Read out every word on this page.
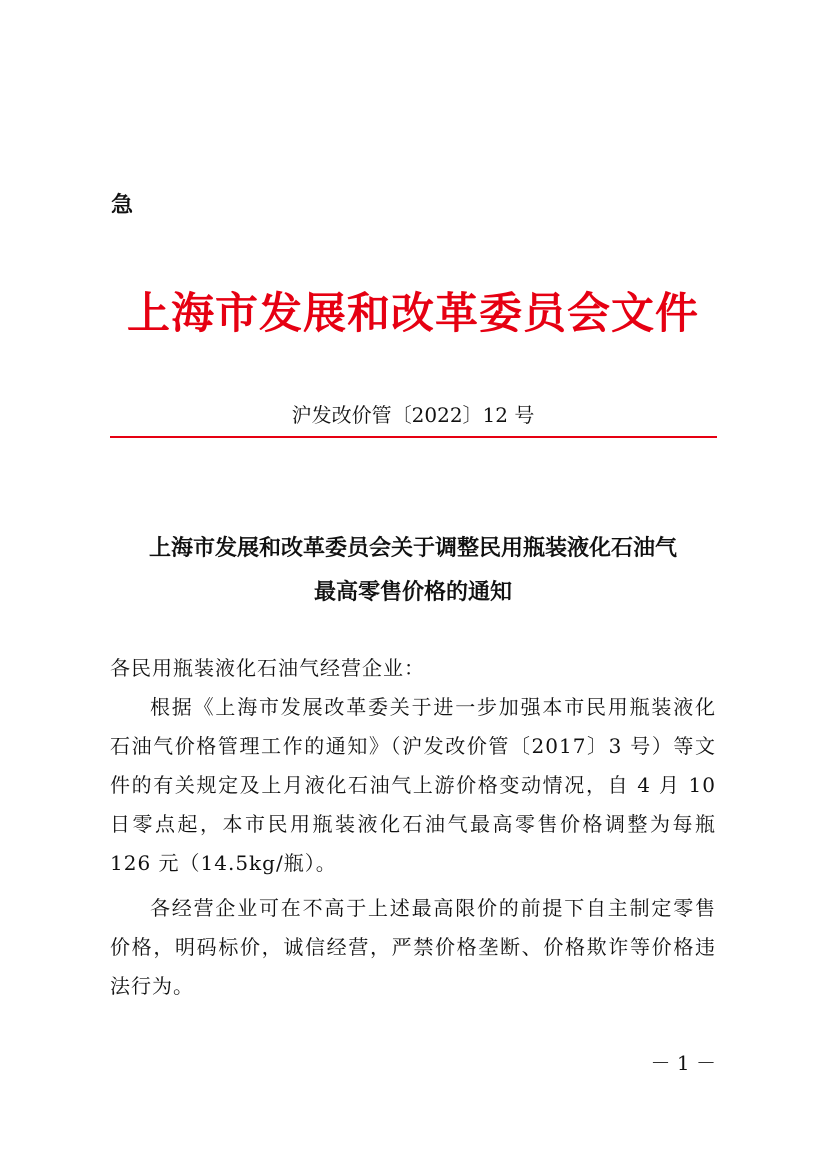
急
上海市发展和改革委员会文件
沪发改价管〔2022〕12 号
上海市发展和改革委员会关于调整民用瓶装液化石油气
最高零售价格的通知

各民用瓶装液化石油气经营企业：

根据《上海市发展改革委关于进一步加强本市民用瓶装液化石油气价格管理工作的通知》（沪发改价管〔2017〕3 号）等文件的有关规定及上月液化石油气上游价格变动情况，自 4 月 10 日零点起，本市民用瓶装液化石油气最高零售价格调整为每瓶 126 元（14.5kg/瓶）。

各经营企业可在不高于上述最高限价的前提下自主制定零售价格，明码标价，诚信经营，严禁价格垄断、价格欺诈等价格违法行为。

－ 1 －
